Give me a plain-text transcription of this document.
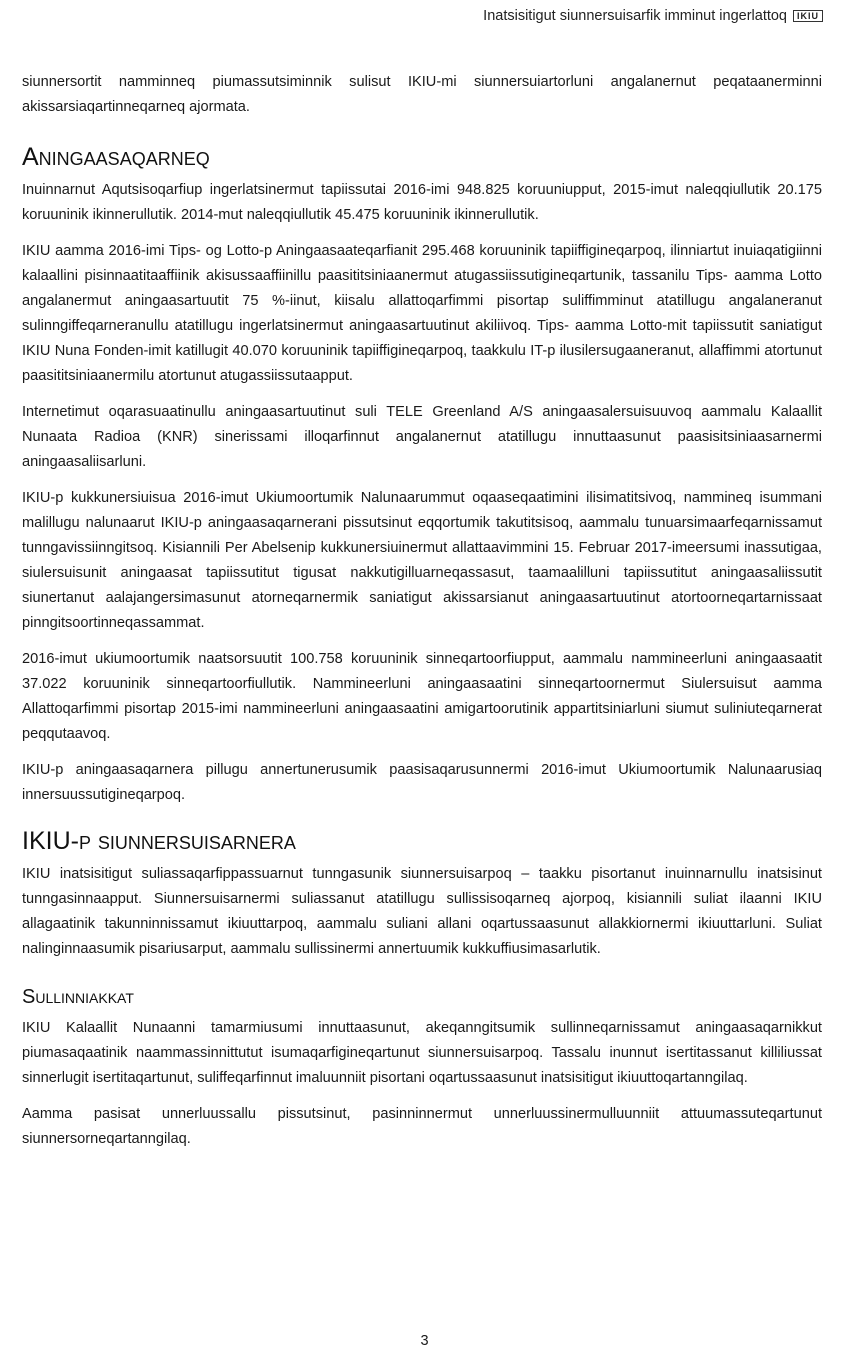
Inatsisitigut siunnersuisarfik imminut ingerlattoq	IKIU

siunnersortit namminneq piumassutsiminnik sulisut IKIU-mi siunnersuiartorluni angalanernut peqataanerminni akissarsiaqartinneqarneq ajormata.

Aningaasaqarneq

Inuinnarnut Aqutsisoqarfiup ingerlatsinermut tapiissutai 2016-imi 948.825 koruuniupput, 2015-imut naleqqiullutik 20.175 koruuninik ikinnerullutik. 2014-mut naleqqiullutik 45.475 koruuninik ikinnerullutik.

IKIU aamma 2016-imi Tips- og Lotto-p Aningaasaateqarfianit 295.468 koruuninik tapiiffigineqarpoq, ilinniartut inuiaqatigiinni kalaallini pisinnaatitaaffiinik akisussaaffiinillu paasititsiniaanermut atugassiissutigineqartunik, tassanilu Tips- aamma Lotto angalanermut aningaasartuutit 75 %-iinut, kiisalu allattoqarfimmi pisortap suliffimminut atatillugu angalaneranut sulinngiffeqarneranullu atatillugu ingerlatsinermut aningaasartuutinut akiliivoq. Tips- aamma Lotto-mit tapiissutit saniatigut IKIU Nuna Fonden-imit katillugit 40.070 koruuninik tapiiffigineqarpoq, taakkulu IT-p ilusilersugaaneranut, allaffimmi atortunut paasititsiniaanermilu atortunut atugassiissutaapput.

Internetimut oqarasuaatinullu aningaasartuutinut suli TELE Greenland A/S aningaasalersuisuuvoq aammalu Kalaallit Nunaata Radioa (KNR) sinerissami illoqarfinnut angalanernut atatillugu innuttaasunut paasisitsiniaasarnermi aningaasaliisarluni.

IKIU-p kukkunersiuisua 2016-imut Ukiumoortumik Nalunaarummut oqaaseqaatimini ilisimatitsivoq, nammineq isummani malillugu nalunaarut IKIU-p aningaasaqarnerani pissutsinut eqqortumik takutitsisoq, aammalu tunuarsimaarfeqarnissamut tunngavissiinngitsoq. Kisiannili Per Abelsenip kukkunersiuinermut allattaavimmini 15. Februar 2017-imeersumi inassutigaa, siulersuisunit aningaasat tapiissutitut tigusat nakkutigilluarneqassasut, taamaalilluni tapiissutitut aningaasaliissutit siunertanut aalajangersimasunut atorneqarnermik saniatigut akissarsianut aningaasartuutinut atortoorneqartarnissaat pinngitsoortinneqassammat.

2016-imut ukiumoortumik naatsorsuutit 100.758 koruuninik sinneqartoorfiupput, aammalu nammineerluni aningaasaatit 37.022 koruuninik sinneqartoorfiullutik. Nammineerluni aningaasaatini sinneqartoornermut Siulersuisut aamma Allattoqarfimmi pisortap 2015-imi nammineerluni aningaasaatini amigartoorutinik appartitsiniarluni siumut suliniuteqarnerat peqqutaavoq.

IKIU-p aningaasaqarnera pillugu annertunerusumik paasisaqarusunnermi 2016-imut Ukiumoortumik Nalunaarusiaq innersuussutigineqarpoq.

IKIU-p siunnersuisarnera

IKIU inatsisitigut suliassaqarfippassuarnut tunngasunik siunnersuisarpoq – taakku pisortanut inuinnarnullu inatsisinut tunngasinnaapput. Siunnersuisarnermi suliassanut atatillugu sullissisoqarneq ajorpoq, kisiannili suliat ilaanni IKIU allagaatinik takunninnissamut ikiuuttarpoq, aammalu suliani allani oqartussaasunut allakkiornermi ikiuuttarluni. Suliat nalinginnaasumik pisariusarput, aammalu sullissinermi annertuumik kukkuffiusimasarlutik.

Sullinniakkat

IKIU Kalaallit Nunaanni tamarmiusumi innuttaasunut, akeqanngitsumik sullinneqarnissamut aningaasaqarnikkut piumasaqaatinik naammassinnittutut isumaqarfigineqartunut siunnersuisarpoq. Tassalu inunnut isertitassanut killiliussat sinnerlugit isertitaqartunut, suliffeqarfinnut imaluunniit pisortani oqartussaasunut inatsisitigut ikiuuttoqartanngilaq.

Aamma pasisat unnerluussallu pissutsinut, pasinninnermut unnerluussinermulluunniit attuumassuteqartunut siunnersorneqartanngilaq.

3
